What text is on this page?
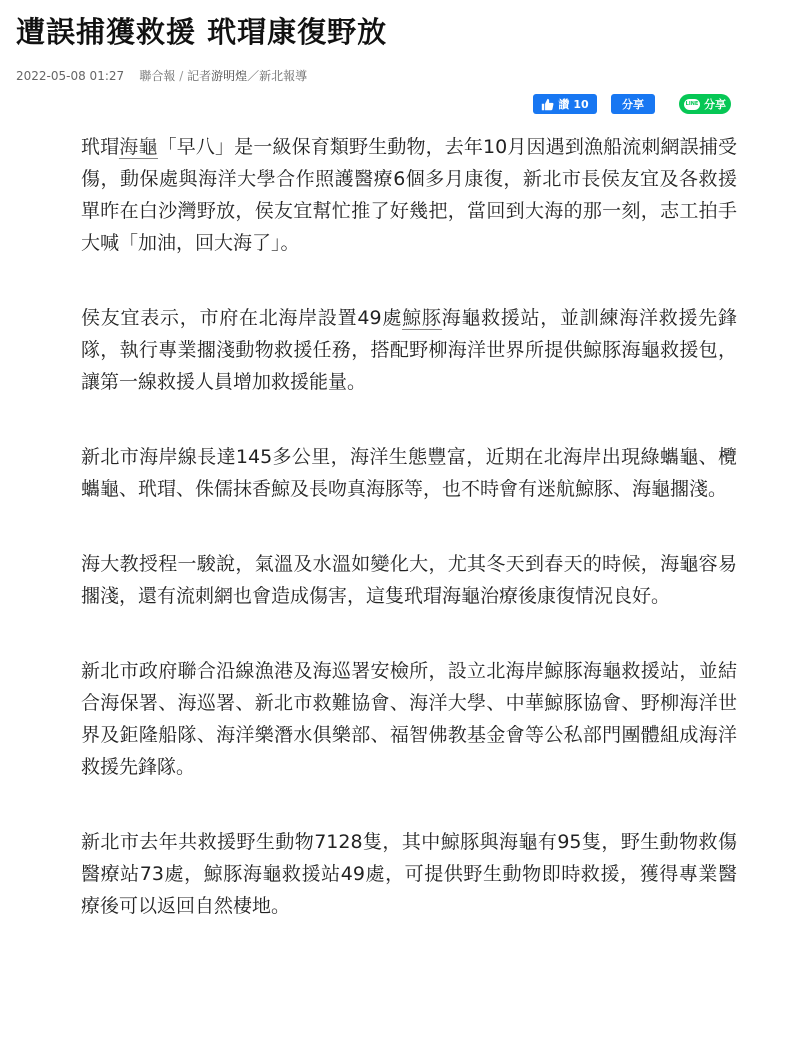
遭誤捕獲救援 玳瑁康復野放
2022-05-08 01:27 聯合報 / 記者游明煌／新北報導
讚 10	分享	LINE 分享

玳瑁海龜「早八」是一級保育類野生動物，去年10月因遇到漁船流刺網誤捕受傷，動保處與海洋大學合作照護醫療6個多月康復，新北市長侯友宜及各救援單昨在白沙灣野放，侯友宜幫忙推了好幾把，當回到大海的那一刻，志工拍手大喊「加油，回大海了」。

侯友宜表示，市府在北海岸設置49處鯨豚海龜救援站，並訓練海洋救援先鋒隊，執行專業擱淺動物救援任務，搭配野柳海洋世界所提供鯨豚海龜救援包，讓第一線救援人員增加救援能量。

新北市海岸線長達145多公里，海洋生態豐富，近期在北海岸出現綠蠵龜、欖蠵龜、玳瑁、侏儒抹香鯨及長吻真海豚等，也不時會有迷航鯨豚、海龜擱淺。

海大教授程一駿說，氣溫及水溫如變化大，尤其冬天到春天的時候，海龜容易擱淺，還有流刺網也會造成傷害，這隻玳瑁海龜治療後康復情況良好。

新北市政府聯合沿線漁港及海巡署安檢所，設立北海岸鯨豚海龜救援站，並結合海保署、海巡署、新北市救難協會、海洋大學、中華鯨豚協會、野柳海洋世界及鉅隆船隊、海洋樂潛水俱樂部、福智佛教基金會等公私部門團體組成海洋救援先鋒隊。

新北市去年共救援野生動物7128隻，其中鯨豚與海龜有95隻，野生動物救傷醫療站73處，鯨豚海龜救援站49處，可提供野生動物即時救援，獲得專業醫療後可以返回自然棲地。
